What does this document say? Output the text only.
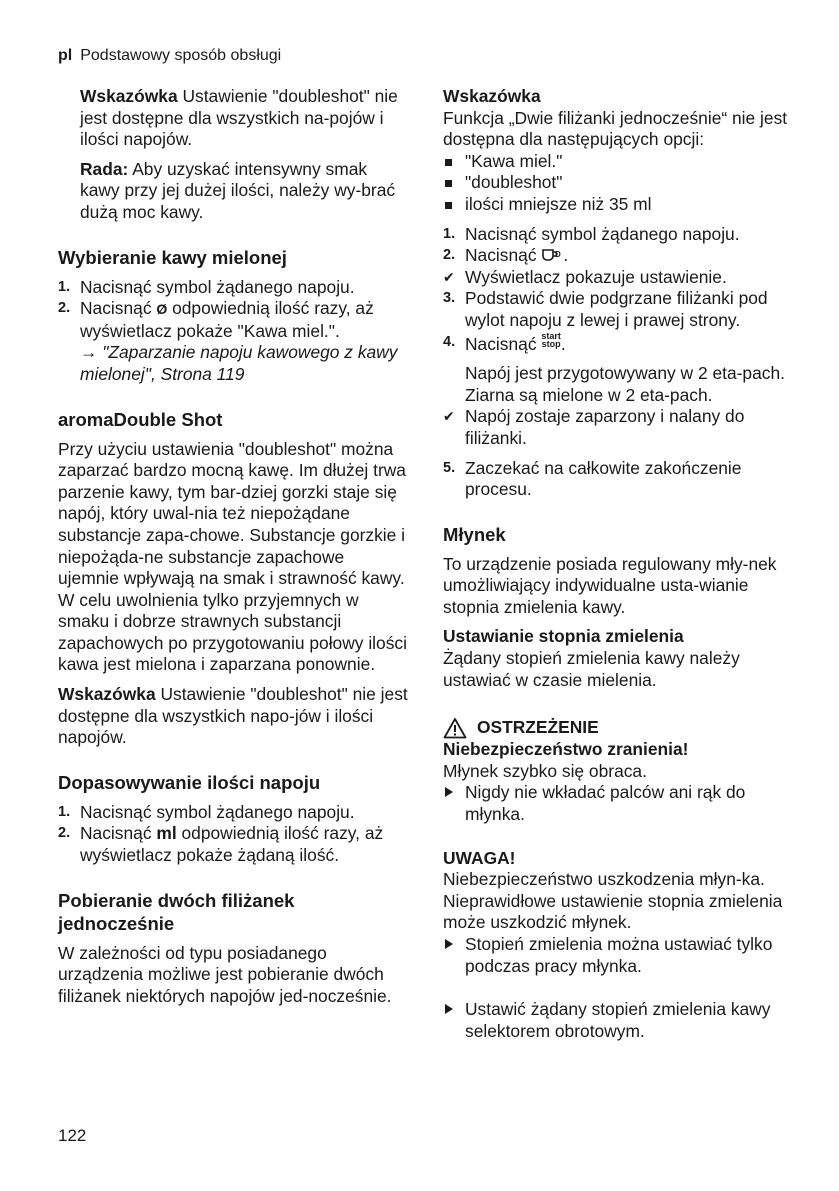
pl Podstawowy sposób obsługi

Wskazówka Ustawienie "doubleshot" nie jest dostępne dla wszystkich na-pojów i ilości napojów.

Rada: Aby uzyskać intensywny smak kawy przy jej dużej ilości, należy wy-brać dużą moc kawy.

Wybieranie kawy mielonej
1. Nacisnąć symbol żądanego napoju.
2. Nacisnąć Ø odpowiednią ilość razy, aż wyświetlacz pokaże "Kawa miel.".
→ "Zaparzanie napoju kawowego z kawy mielonej", Strona 119
aromaDouble Shot

Przy użyciu ustawienia "doubleshot" można zaparzać bardzo mocną kawę. Im dłużej trwa parzenie kawy, tym bar-dziej gorzki staje się napój, który uwal-nia też niepożądane substancje zapa-chowe. Substancje gorzkie i niepożąda-ne substancje zapachowe ujemnie wpływają na smak i strawność kawy. W celu uwolnienia tylko przyjemnych w smaku i dobrze strawnych substancji zapachowych po przygotowaniu połowy ilości kawa jest mielona i zaparzana ponownie.

Wskazówka Ustawienie "doubleshot" nie jest dostępne dla wszystkich napo-jów i ilości napojów.

Dopasowywanie ilości napoju
1. Nacisnąć symbol żądanego napoju.
2. Nacisnąć ml odpowiednią ilość razy, aż wyświetlacz pokaże żądaną ilość.
Pobieranie dwóch filiżanek jednocześnie

W zależności od typu posiadanego urządzenia możliwe jest pobieranie dwóch filiżanek niektórych napojów jed-nocześnie.

Wskazówka

Funkcja „Dwie filiżanki jednocześnie“ nie jest dostępna dla następujących opcji:

"Kawa miel."
"doubleshot"
ilości mniejsze niż 35 ml
1. Nacisnąć symbol żądanego napoju.
2. Nacisnąć D .
✔ Wyświetlacz pokazuje ustawienie.
3. Podstawić dwie podgrzane filiżanki pod wylot napoju z lewej i prawej strony.
4. Nacisnąć start
stop.

Napój jest przygotowywany w 2 eta-pach. Ziarna są mielone w 2 eta-pach.

✔ Napój zostaje zaparzony i nalany do filiżanki.
5. Zaczekać na całkowite zakończenie procesu.
Młynek

To urządzenie posiada regulowany mły-nek umożliwiający indywidualne usta-wianie stopnia zmielenia kawy.

Ustawianie stopnia zmielenia

Żądany stopień zmielenia kawy należy ustawiać w czasie mielenia.

OSTRZEŻENIE
Niebezpieczeństwo zranienia!

Młynek szybko się obraca.

Nigdy nie wkładać palców ani rąk do młynka.
UWAGA!

Niebezpieczeństwo uszkodzenia młyn-ka. Nieprawidłowe ustawienie stopnia zmielenia może uszkodzić młynek.

Stopień zmielenia można ustawiać tylko podczas pracy młynka.
Ustawić żądany stopień zmielenia kawy selektorem obrotowym.
122
